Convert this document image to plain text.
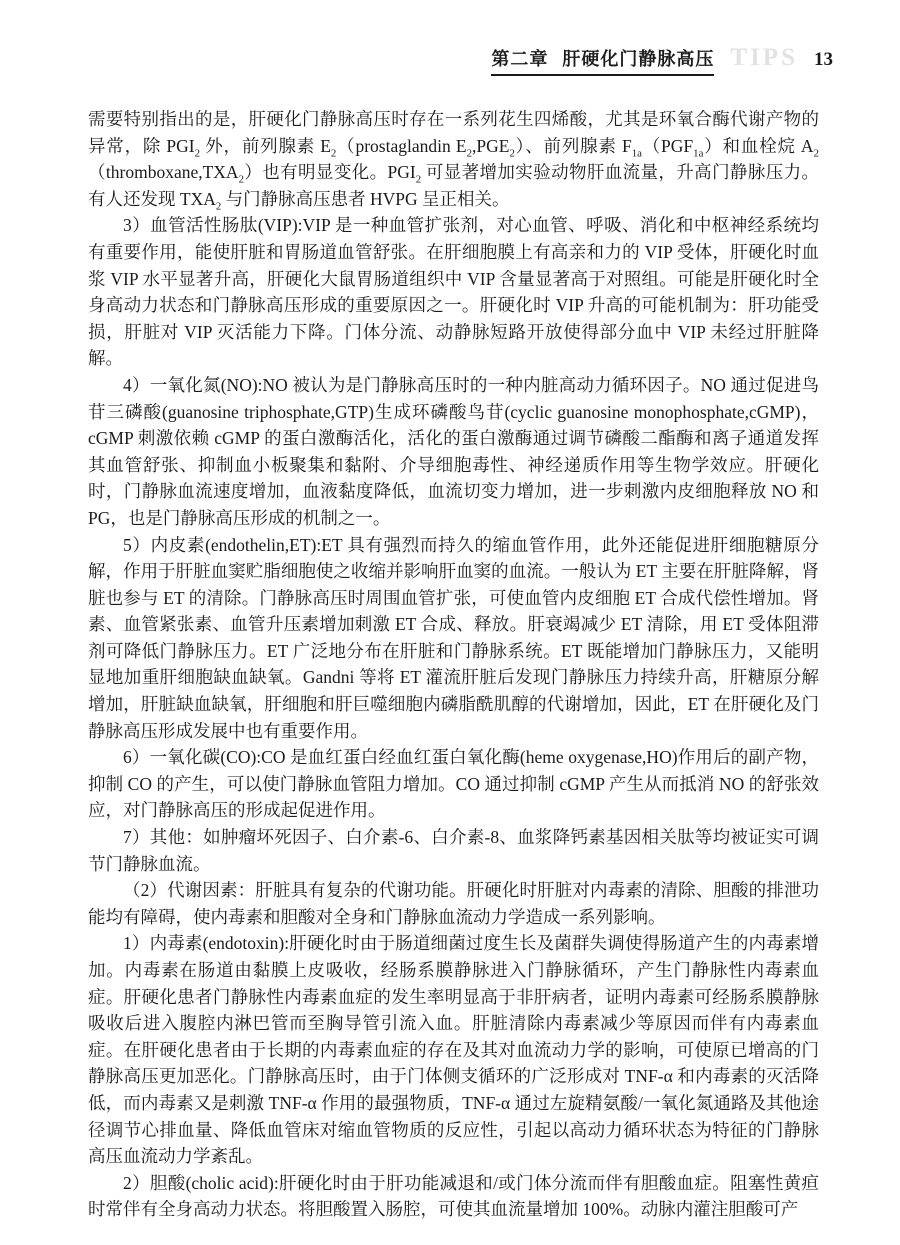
第二章 肝硬化门静脉高压 TIPS 13

需要特别指出的是，肝硬化门静脉高压时存在一系列花生四烯酸，尤其是环氧合酶代谢产物的异常，除 $PGI_2$ 外，前列腺素 $E_2(prostaglandin$ $E_2,PGE_2$）、前列腺素 $F_{1a}(PGF_{1a})$和血栓烷 $A_2(thromboxane,TXA_2)$也有明显变化。$PGI_2$ 可显著增加实验动物肝血流量，升高门静脉压力。有人还发现 $TXA_2$ 与门静脉高压患者 HVPG 呈正相关。

3）血管活性肠肽(VIP):VIP 是一种血管扩张剂，对心血管、呼吸、消化和中枢神经系统均有重要作用，能使肝脏和胃肠道血管舒张。在肝细胞膜上有高亲和力的 VIP 受体，肝硬化时血浆 VIP 水平显著升高，肝硬化大鼠胃肠道组织中 VIP 含量显著高于对照组。可能是肝硬化时全身高动力状态和门静脉高压形成的重要原因之一。肝硬化时 VIP 升高的可能机制为：肝功能受损，肝脏对 VIP 灭活能力下降。门体分流、动静脉短路开放使得部分血中 VIP 未经过肝脏降解。

4）一氧化氮(NO):NO 被认为是门静脉高压时的一种内脏高动力循环因子。NO 通过促进鸟苷三磷酸(guanosine triphosphate,GTP)生成环磷酸鸟苷(cyclic guanosine monophosphate,cGMP)，cGMP 刺激依赖 cGMP 的蛋白激酶活化，活化的蛋白激酶通过调节磷酸二酯酶和离子通道发挥其血管舒张、抑制血小板聚集和黏附、介导细胞毒性、神经递质作用等生物学效应。肝硬化时，门静脉血流速度增加，血液黏度降低，血流切变力增加，进一步刺激内皮细胞释放 NO 和 PG，也是门静脉高压形成的机制之一。

5）内皮素(endothelin,ET):ET 具有强烈而持久的缩血管作用，此外还能促进肝细胞糖原分解，作用于肝脏血窦贮脂细胞使之收缩并影响肝血窦的血流。一般认为 ET 主要在肝脏降解，肾脏也参与 ET 的清除。门静脉高压时周围血管扩张，可使血管内皮细胞 ET 合成代偿性增加。肾素、血管紧张素、血管升压素增加刺激 ET 合成、释放。肝衰竭减少 ET 清除，用 ET 受体阻滞剂可降低门静脉压力。ET 广泛地分布在肝脏和门静脉系统。ET 既能增加门静脉压力，又能明显地加重肝细胞缺血缺氧。Gandni 等将 ET 灌流肝脏后发现门静脉压力持续升高，肝糖原分解增加，肝脏缺血缺氧，肝细胞和肝巨噬细胞内磷脂酰肌醇的代谢增加，因此，ET 在肝硬化及门静脉高压形成发展中也有重要作用。

6）一氧化碳(CO):CO 是血红蛋白经血红蛋白氧化酶(heme oxygenase,HO)作用后的副产物，抑制 CO 的产生，可以使门静脉血管阻力增加。CO 通过抑制 cGMP 产生从而抵消 NO 的舒张效应，对门静脉高压的形成起促进作用。

7）其他：如肿瘤坏死因子、白介素-6、白介素-8、血浆降钙素基因相关肽等均被证实可调节门静脉血流。

（2）代谢因素：肝脏具有复杂的代谢功能。肝硬化时肝脏对内毒素的清除、胆酸的排泄功能均有障碍，使内毒素和胆酸对全身和门静脉血流动力学造成一系列影响。

1）内毒素(endotoxin):肝硬化时由于肠道细菌过度生长及菌群失调使得肠道产生的内毒素增加。内毒素在肠道由黏膜上皮吸收，经肠系膜静脉进入门静脉循环，产生门静脉性内毒素血症。肝硬化患者门静脉性内毒素血症的发生率明显高于非肝病者，证明内毒素可经肠系膜静脉吸收后进入腹腔内淋巴管而至胸导管引流入血。肝脏清除内毒素减少等原因而伴有内毒素血症。在肝硬化患者由于长期的内毒素血症的存在及其对血流动力学的影响，可使原已增高的门静脉高压更加恶化。门静脉高压时，由于门体侧支循环的广泛形成对 TNF-α 和内毒素的灭活降低，而内毒素又是刺激 TNF-α 作用的最强物质，TNF-α 通过左旋精氨酸/一氧化氮通路及其他途径调节心排血量、降低血管床对缩血管物质的反应性，引起以高动力循环状态为特征的门静脉高压血流动力学紊乱。

2）胆酸(cholic acid):肝硬化时由于肝功能减退和/或门体分流而伴有胆酸血症。阻塞性黄疸时常伴有全身高动力状态。将胆酸置入肠腔，可使其血流量增加 100%。动脉内灌注胆酸可产
